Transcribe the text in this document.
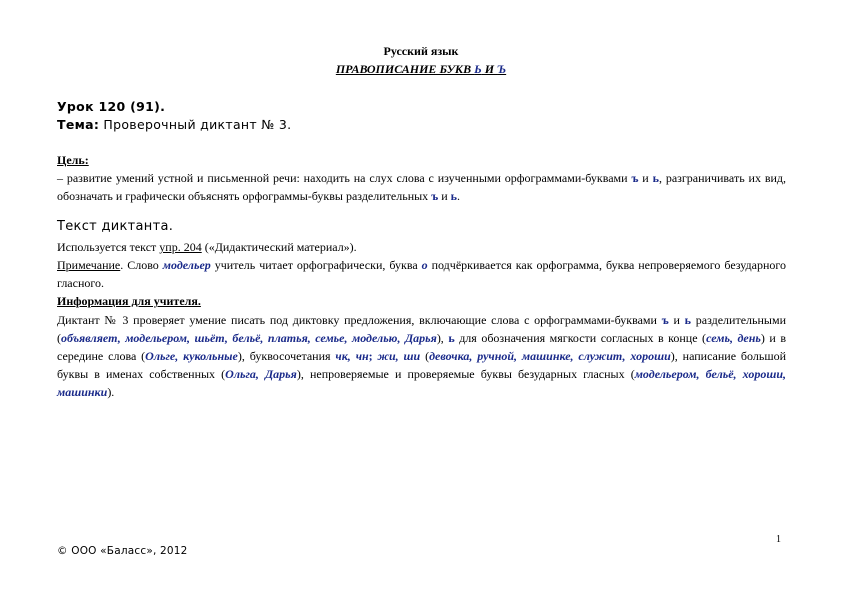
Русский язык
ПРАВОПИСАНИЕ БУКВ Ь И Ъ
Урок 120 (91).
Тема: Проверочный диктант № 3.
Цель:
– развитие умений устной и письменной речи: находить на слух слова с изученными орфограммами-буквами ъ и ь, разграничивать их вид, обозначать и графически объяснять орфограммы-буквы разделительных ъ и ь.
Текст диктанта.
Используется текст упр. 204 («Дидактический материал»).
Примечание. Слово модельер учитель читает орфографически, буква о подчёркивается как орфограмма, буква непроверяемого безударного гласного.
Информация для учителя.
Диктант № 3 проверяет умение писать под диктовку предложения, включающие слова с орфограммами-буквами ъ и ь разделительными (объявляет, модельером, шьёт, бельё, платья, семье, моделью, Дарья), ь для обозначения мягкости согласных в конце (семь, день) и в середине слова (Ольге, кукольные), буквосочетания чк, чн; жи, ши (девочка, ручной, машинке, служит, хороши), написание большой буквы в именах собственных (Ольга, Дарья), непроверяемые и проверяемые буквы безударных гласных (модельером, бельё, хороши, машинки).
1
© ООО «Баласс», 2012
